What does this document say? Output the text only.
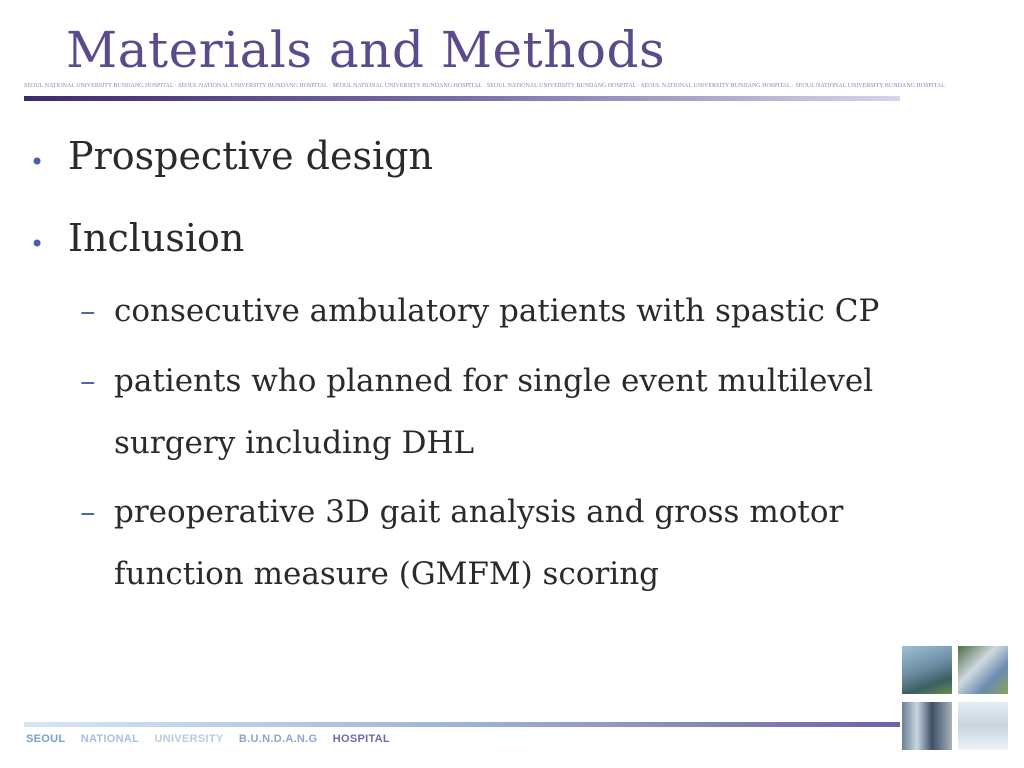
Materials and Methods
SEOUL NATIONAL UNIVERSITY BUNDANG HOSPITAL · SEOUL NATIONAL UNIVERSITY BUNDANG HOSPITAL · SEOUL NATIONAL UNIVERSITY BUNDANG HOSPITAL · SEOUL NATIONAL UNIVERSITY BUNDANG HOSPITAL · SEOUL NATIONAL UNIVERSITY BUNDANG HOSPITAL · SEOUL NATIONAL UNIVERSITY BUNDANG HOSPITAL
• Prospective design
• Inclusion
– consecutive ambulatory patients with spastic CP
– patients who planned for single event multilevel surgery including DHL
– preoperative 3D gait analysis and gross motor function measure (GMFM) scoring
SEOUL NATIONAL UNIVERSITY B.U.N.D.A.N.G HOSPITAL
